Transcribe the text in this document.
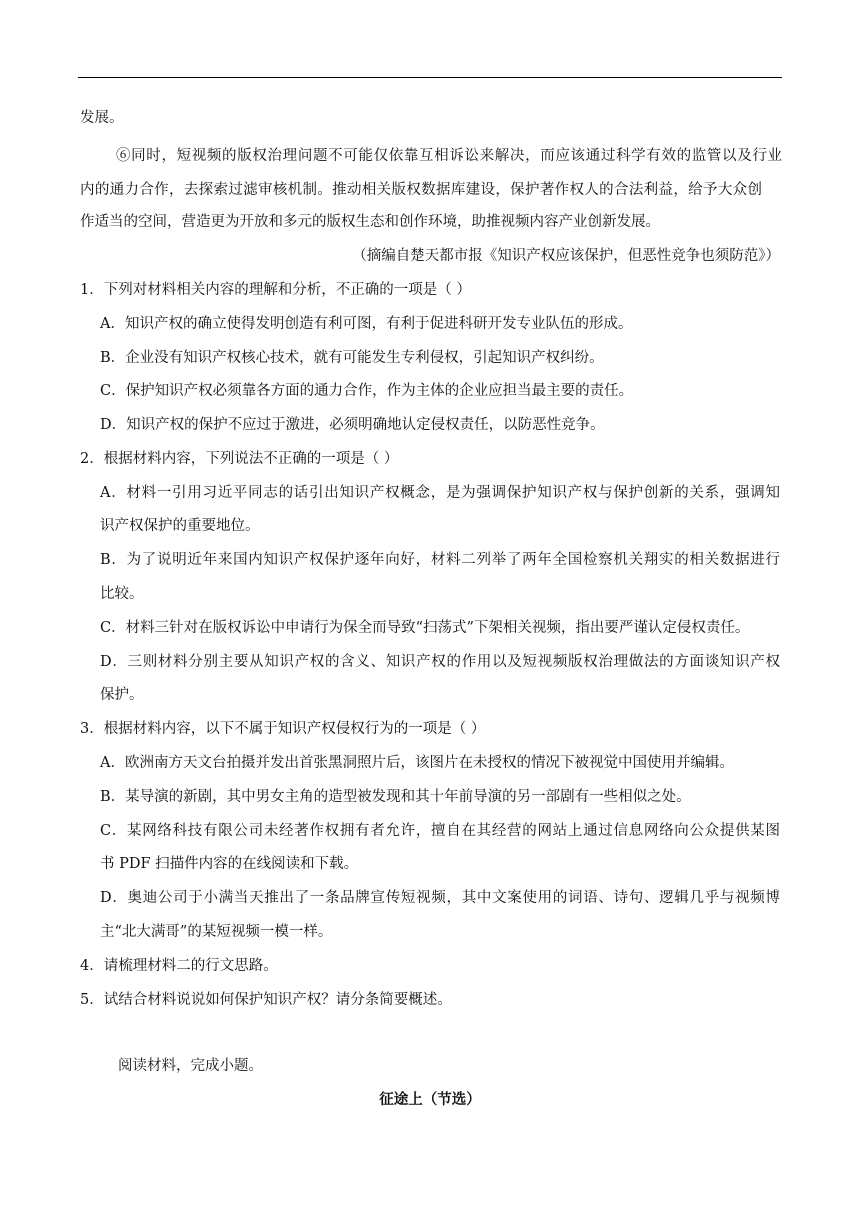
发展。
⑥同时，短视频的版权治理问题不可能仅依靠互相诉讼来解决，而应该通过科学有效的监管以及行业
内的通力合作，去探索过滤审核机制。推动相关版权数据库建设，保护著作权人的合法利益，给予大众创
作适当的空间，营造更为开放和多元的版权生态和创作环境，助推视频内容产业创新发展。
（摘编自楚天都市报《知识产权应该保护，但恶性竞争也须防范》）
1．下列对材料相关内容的理解和分析，不正确的一项是（ ）
A．知识产权的确立使得发明创造有利可图，有利于促进科研开发专业队伍的形成。
B．企业没有知识产权核心技术，就有可能发生专利侵权，引起知识产权纠纷。
C．保护知识产权必须靠各方面的通力合作，作为主体的企业应担当最主要的责任。
D．知识产权的保护不应过于激进，必须明确地认定侵权责任，以防恶性竞争。
2．根据材料内容，下列说法不正确的一项是（ ）
A．材料一引用习近平同志的话引出知识产权概念，是为强调保护知识产权与保护创新的关系，强调知
识产权保护的重要地位。
B．为了说明近年来国内知识产权保护逐年向好，材料二列举了两年全国检察机关翔实的相关数据进行
比较。
C．材料三针对在版权诉讼中申请行为保全而导致“扫荡式”下架相关视频，指出要严谨认定侵权责任。
D．三则材料分别主要从知识产权的含义、知识产权的作用以及短视频版权治理做法的方面谈知识产权
保护。
3．根据材料内容，以下不属于知识产权侵权行为的一项是（ ）
A．欧洲南方天文台拍摄并发出首张黑洞照片后，该图片在未授权的情况下被视觉中国使用并编辑。
B．某导演的新剧，其中男女主角的造型被发现和其十年前导演的另一部剧有一些相似之处。
C．某网络科技有限公司未经著作权拥有者允许，擅自在其经营的网站上通过信息网络向公众提供某图
书 PDF 扫描件内容的在线阅读和下载。
D．奥迪公司于小满当天推出了一条品牌宣传短视频，其中文案使用的词语、诗句、逻辑几乎与视频博
主“北大满哥”的某短视频一模一样。
4．请梳理材料二的行文思路。
5．试结合材料说说如何保护知识产权？请分条简要概述。
阅读材料，完成小题。
征途上（节选）
